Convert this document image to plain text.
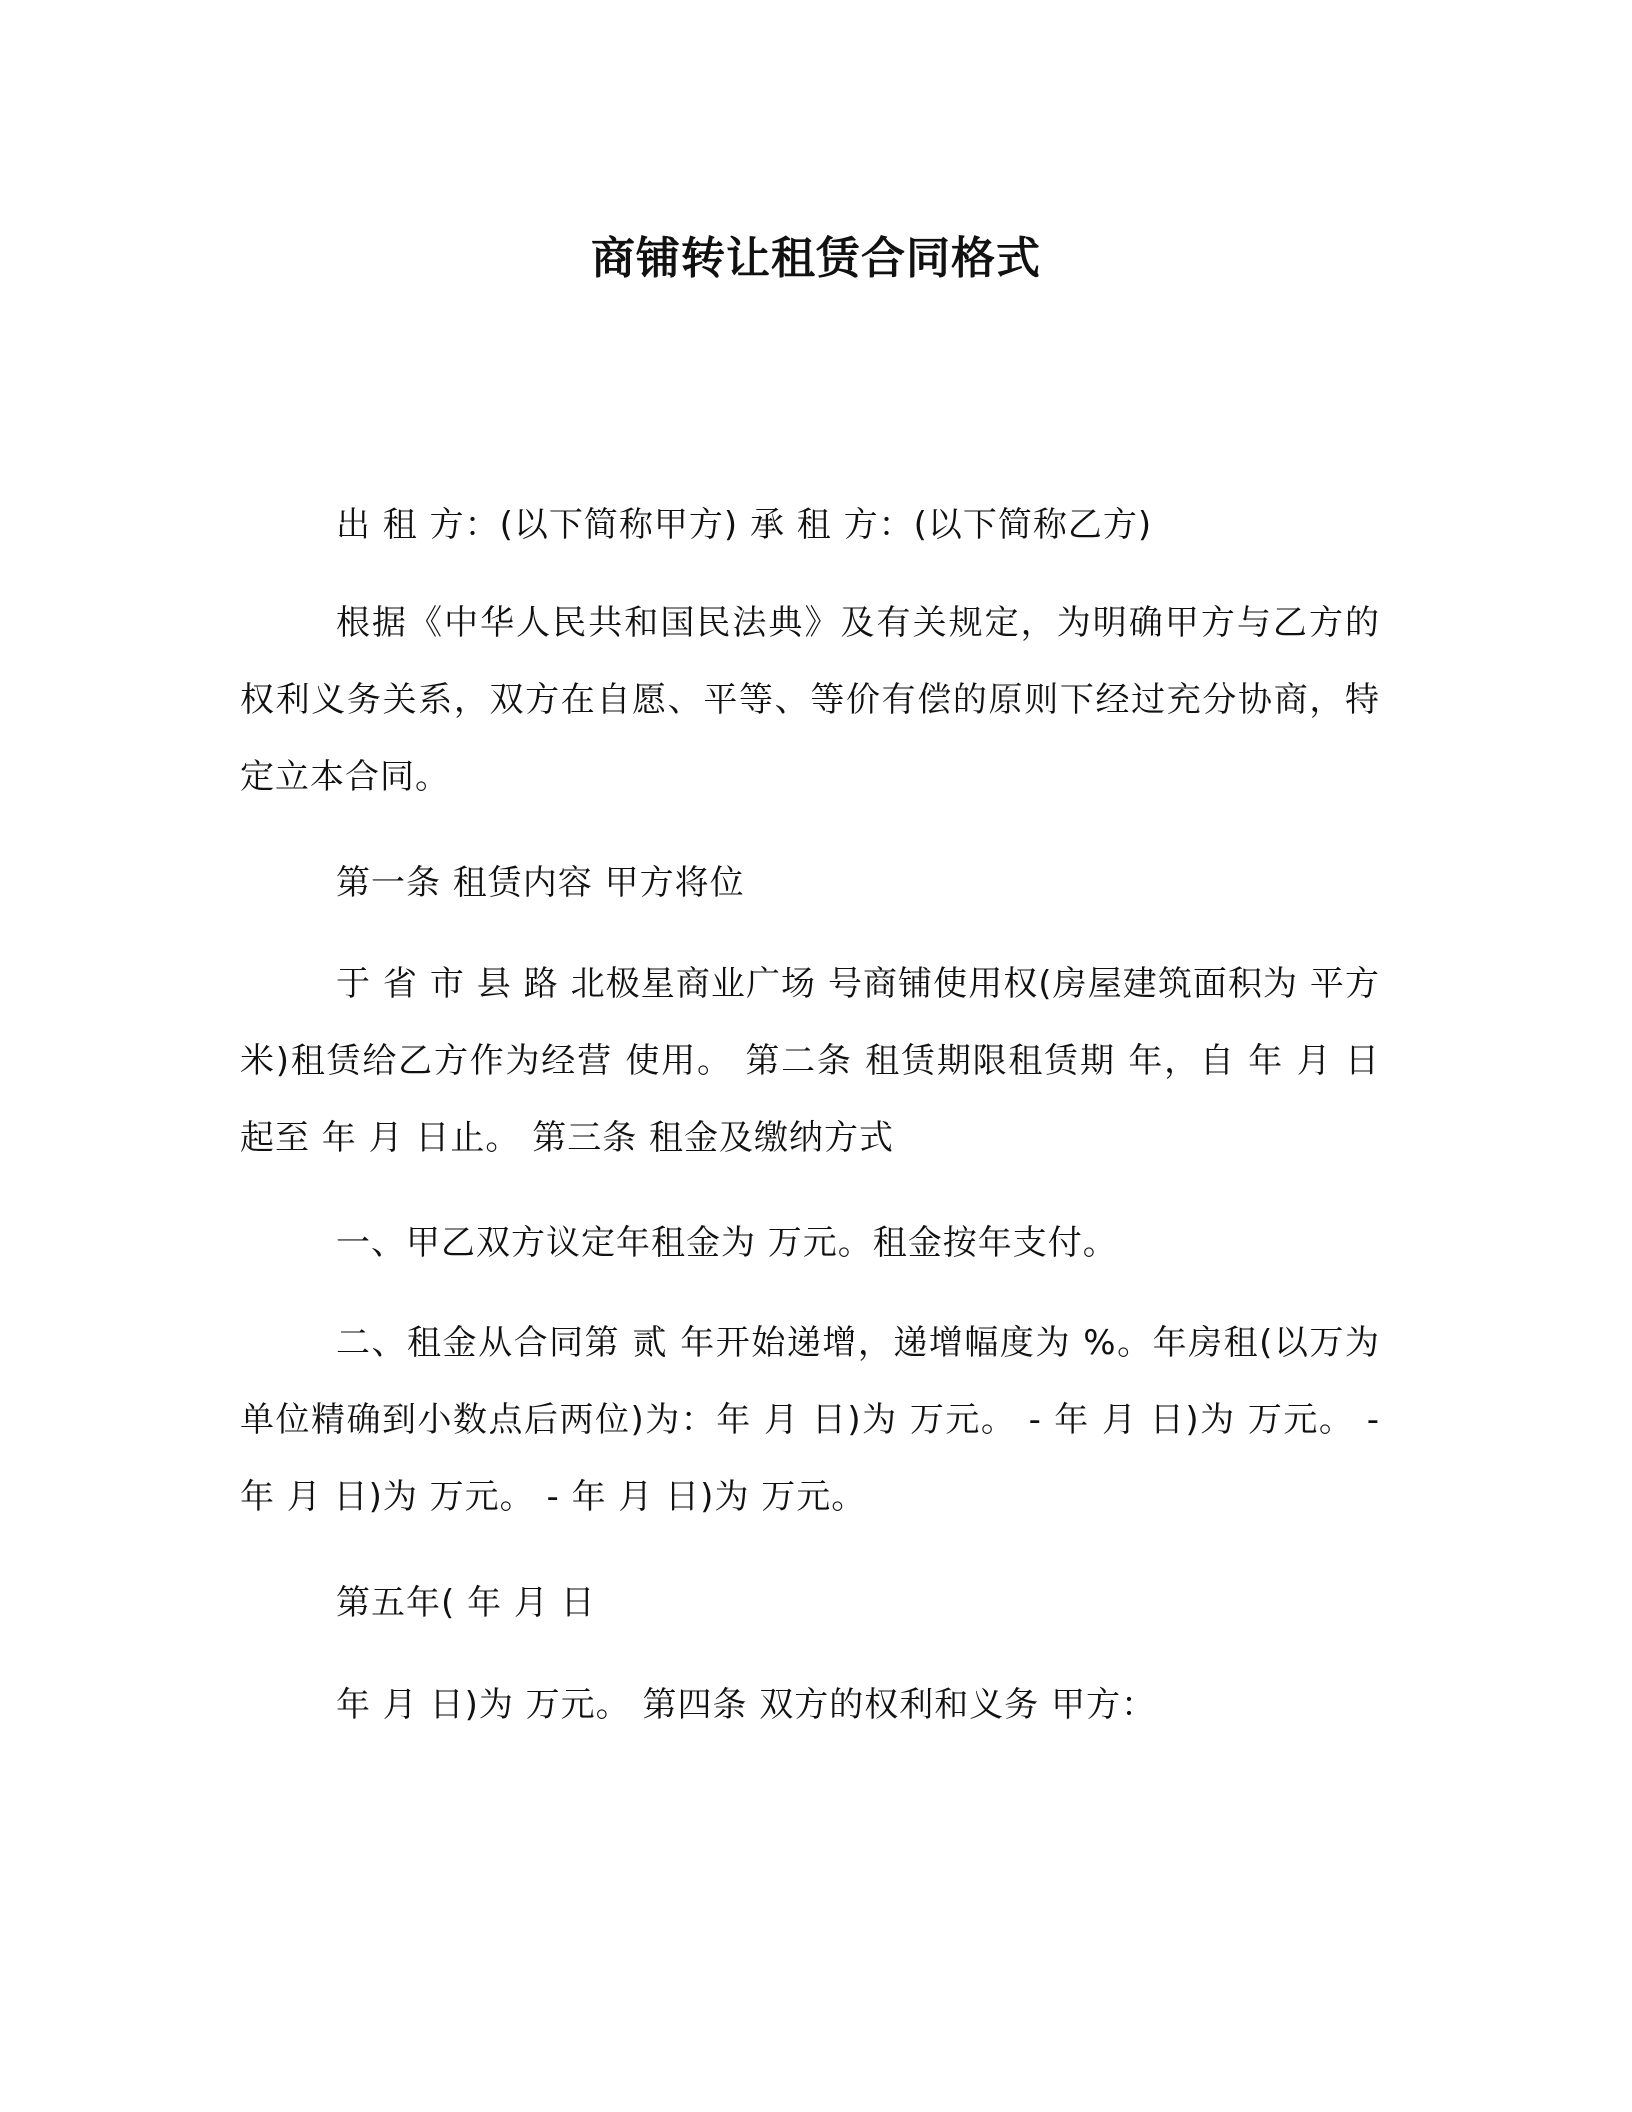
商铺转让租赁合同格式

出 租 方：(以下简称甲方) 承 租 方：(以下简称乙方)

根据《中华人民共和国民法典》及有关规定，为明确甲方与乙方的权利义务关系，双方在自愿、平等、等价有偿的原则下经过充分协商，特定立本合同。

第一条 租赁内容 甲方将位

于 省 市 县 路 北极星商业广场 号商铺使用权(房屋建筑面积为 平方米)租赁给乙方作为经营 使用。 第二条 租赁期限租赁期 年，自 年 月 日起至 年 月 日止。 第三条 租金及缴纳方式

一、甲乙双方议定年租金为 万元。租金按年支付。

二、租金从合同第 贰 年开始递增，递增幅度为 %。年房租(以万为单位精确到小数点后两位)为：年 月 日)为 万元。 - 年 月 日)为 万元。 - 年 月 日)为 万元。 - 年 月 日)为 万元。

第五年( 年 月 日

年 月 日)为 万元。 第四条 双方的权利和义务 甲方：
